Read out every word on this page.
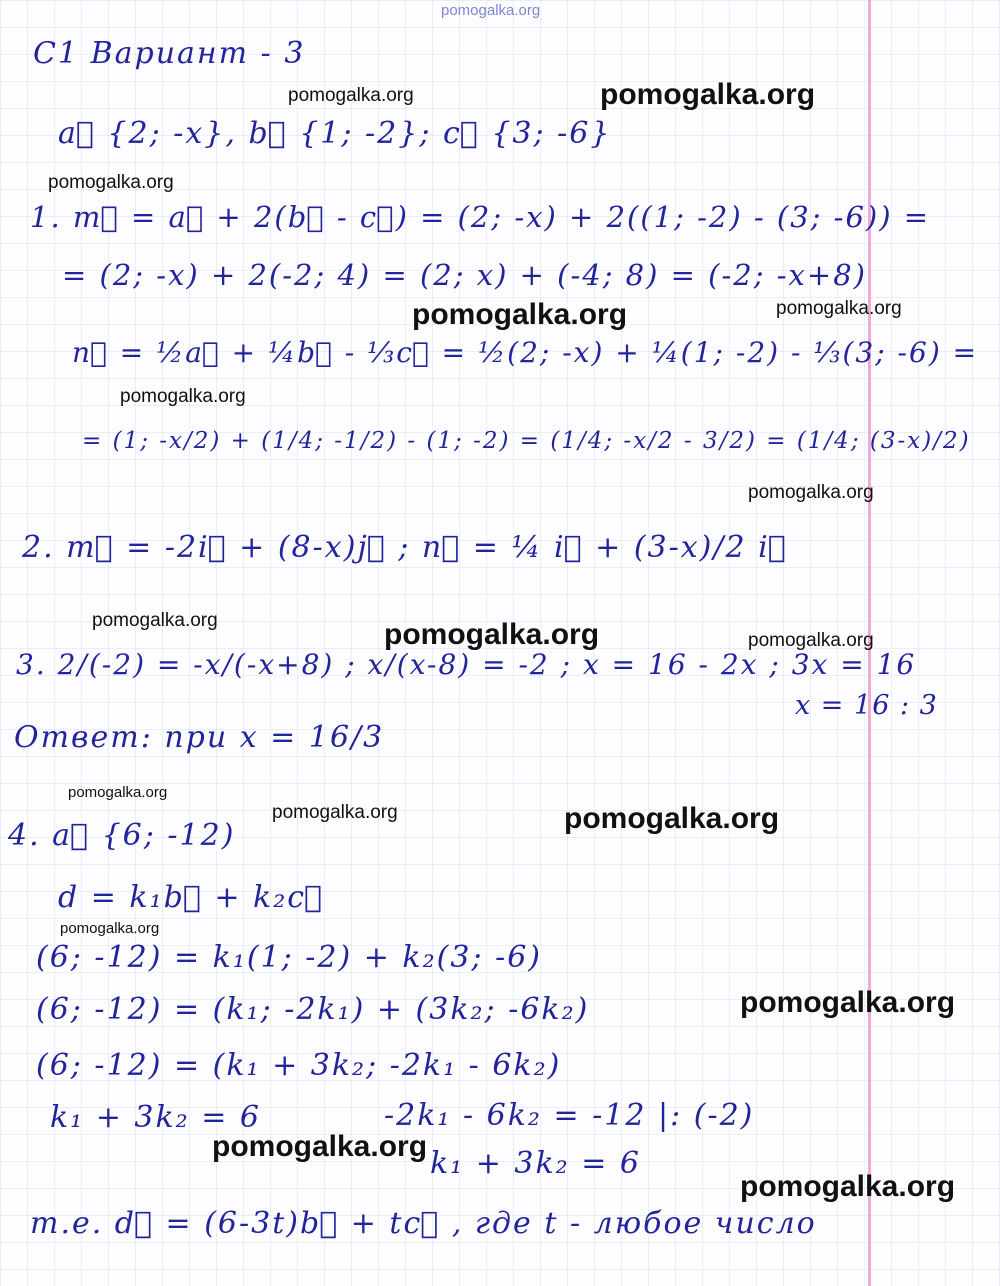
pomogalka.org
С1 Вариант - 3
a⃗ {2; -x}, b⃗ {1; -2}; c⃗ {3; -6}
1. m⃗ = a⃗ + 2(b⃗ - c⃗) = (2; -x) + 2((1; -2) - (3; -6)) =
= (2; -x) + 2(-2; 4) = (2; x) + (-4; 8) = (-2; -x+8)
n⃗ = ½a⃗ + ¼b⃗ - ⅓c⃗ = ½(2; -x) + ¼(1; -2) - ⅓(3; -6) =
= (1; -x/2) + (1/4; -1/2) - (1; -2) = (1/4; -x/2 - 3/2) = (1/4; (3-x)/2)
2. m⃗ = -2i⃗ + (8-x)j⃗ ; n⃗ = ¼ i⃗ + (3-x)/2 i⃗
3. 2/(-2) = -x/(-x+8) ; x/(x-8) = -2 ; x = 16 - 2x ; 3x = 16
x = 16 : 3
Ответ: при x = 16/3
4. a⃗ {6; -12)
d = k₁b⃗ + k₂c⃗
(6; -12) = k₁(1; -2) + k₂(3; -6)
(6; -12) = (k₁; -2k₁) + (3k₂; -6k₂)
(6; -12) = (k₁ + 3k₂; -2k₁ - 6k₂)
k₁ + 3k₂ = 6	-2k₁ - 6k₂ = -12 |: (-2)
k₁ + 3k₂ = 6
т.е. d⃗ = (6-3t)b⃗ + tc⃗ , где t - любое число
pomogalka.org	pomogalka.org
pomogalka.org
pomogalka.org	pomogalka.org
pomogalka.org
pomogalka.org
pomogalka.org	pomogalka.org	pomogalka.org
pomogalka.org
pomogalka.org	pomogalka.org
pomogalka.org
pomogalka.org
pomogalka.org
pomogalka.org
